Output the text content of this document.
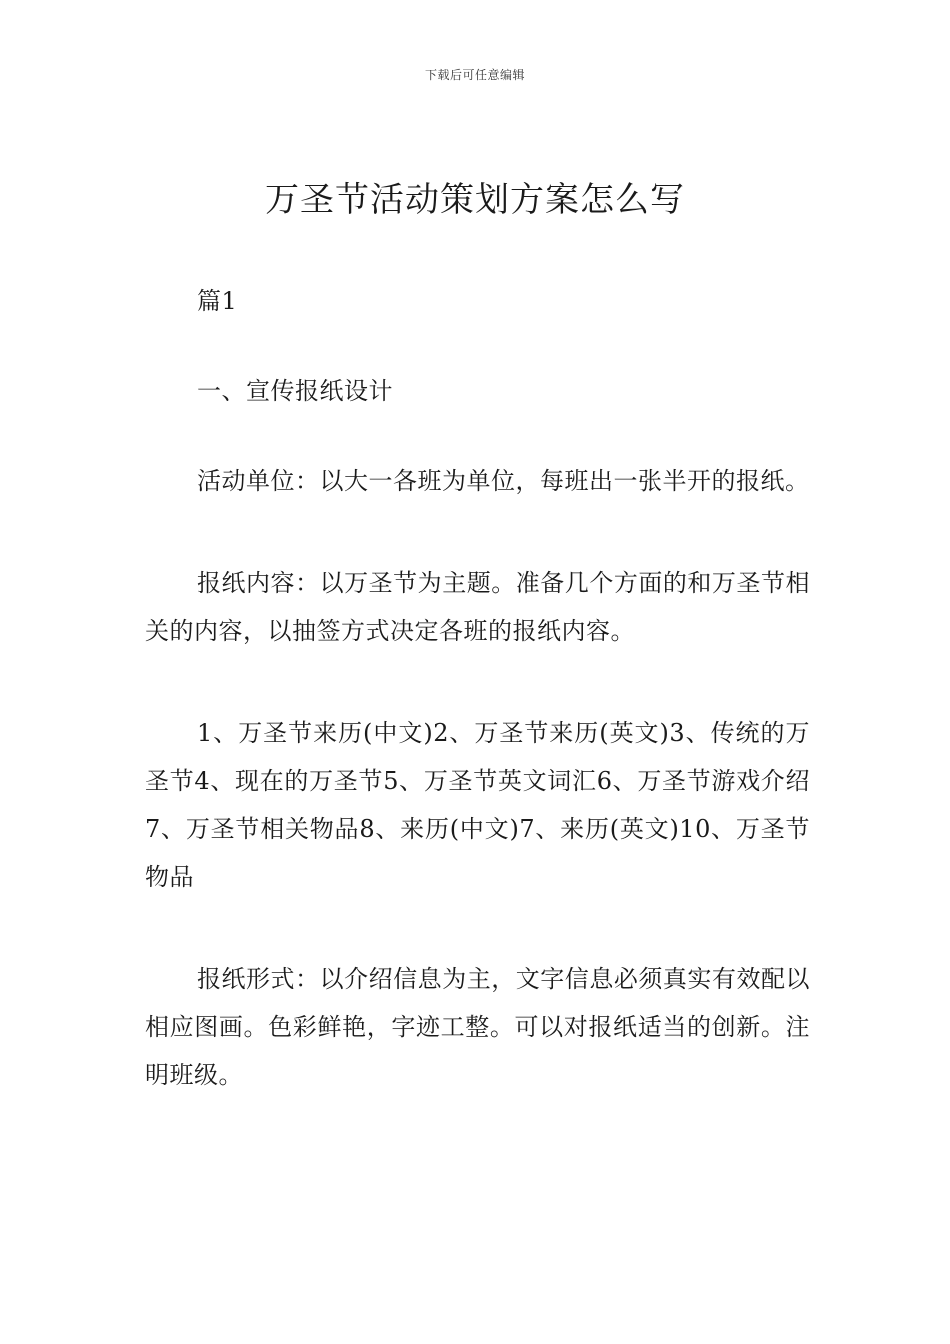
下载后可任意编辑
万圣节活动策划方案怎么写

篇1

一、宣传报纸设计

活动单位：以大一各班为单位，每班出一张半开的报纸。

报纸内容：以万圣节为主题。准备几个方面的和万圣节相关的内容，以抽签方式决定各班的报纸内容。

1、万圣节来历(中文)2、万圣节来历(英文)3、传统的万圣节4、现在的万圣节5、万圣节英文词汇6、万圣节游戏介绍7、万圣节相关物品8、来历(中文)7、来历(英文)10、万圣节物品

报纸形式：以介绍信息为主，文字信息必须真实有效配以相应图画。色彩鲜艳，字迹工整。可以对报纸适当的创新。注明班级。
